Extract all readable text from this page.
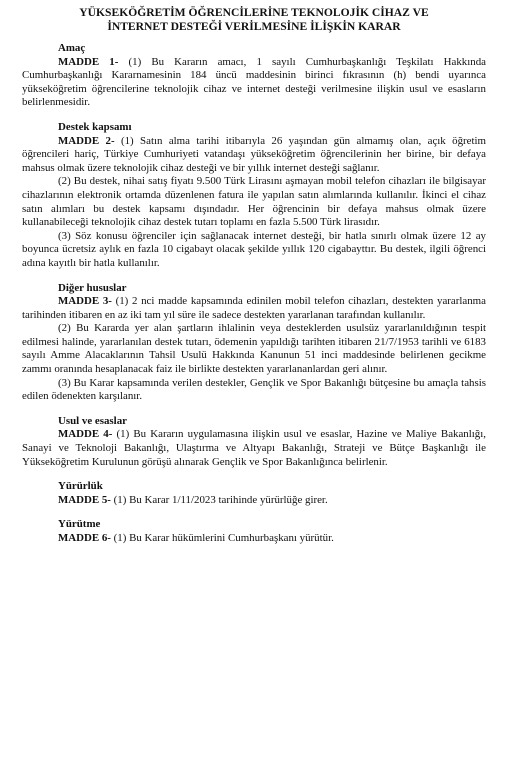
YÜKSEKÖĞRETİM ÖĞRENCİLERİNE TEKNOLOJİK CİHAZ VE
İNTERNET DESTEĞİ VERİLMESİNE İLİŞKİN KARAR
Amaç

MADDE 1- (1) Bu Kararın amacı, 1 sayılı Cumhurbaşkanlığı Teşkilatı Hakkında Cumhurbaşkanlığı Kararnamesinin 184 üncü maddesinin birinci fıkrasının (h) bendi uyarınca yükseköğretim öğrencilerine teknolojik cihaz ve internet desteği verilmesine ilişkin usul ve esasların belirlenmesidir.

Destek kapsamı

MADDE 2- (1) Satın alma tarihi itibarıyla 26 yaşından gün almamış olan, açık öğretim öğrencileri hariç, Türkiye Cumhuriyeti vatandaşı yükseköğretim öğrencilerinin her birine, bir defaya mahsus olmak üzere teknolojik cihaz desteği ve bir yıllık internet desteği sağlanır.

(2) Bu destek, nihai satış fiyatı 9.500 Türk Lirasını aşmayan mobil telefon cihazları ile bilgisayar cihazlarının elektronik ortamda düzenlenen fatura ile yapılan satın alımlarında kullanılır. İkinci el cihaz satın alımları bu destek kapsamı dışındadır. Her öğrencinin bir defaya mahsus olmak üzere kullanabileceği teknolojik cihaz destek tutarı toplamı en fazla 5.500 Türk lirasıdır.

(3) Söz konusu öğrenciler için sağlanacak internet desteği, bir hatla sınırlı olmak üzere 12 ay boyunca ücretsiz aylık en fazla 10 cigabayt olacak şekilde yıllık 120 cigabayttır. Bu destek, ilgili öğrenci adına kayıtlı bir hatla kullanılır.

Diğer hususlar

MADDE 3- (1) 2 nci madde kapsamında edinilen mobil telefon cihazları, destekten yararlanma tarihinden itibaren en az iki tam yıl süre ile sadece destekten yararlanan tarafından kullanılır.

(2) Bu Kararda yer alan şartların ihlalinin veya desteklerden usulsüz yararlanıldığının tespit edilmesi halinde, yararlanılan destek tutarı, ödemenin yapıldığı tarihten itibaren 21/7/1953 tarihli ve 6183 sayılı Amme Alacaklarının Tahsil Usulü Hakkında Kanunun 51 inci maddesinde belirlenen gecikme zammı oranında hesaplanacak faiz ile birlikte destekten yararlananlardan geri alınır.

(3) Bu Karar kapsamında verilen destekler, Gençlik ve Spor Bakanlığı bütçesine bu amaçla tahsis edilen ödenekten karşılanır.

Usul ve esaslar

MADDE 4- (1) Bu Kararın uygulamasına ilişkin usul ve esaslar, Hazine ve Maliye Bakanlığı, Sanayi ve Teknoloji Bakanlığı, Ulaştırma ve Altyapı Bakanlığı, Strateji ve Bütçe Başkanlığı ile Yükseköğretim Kurulunun görüşü alınarak Gençlik ve Spor Bakanlığınca belirlenir.

Yürürlük

MADDE 5- (1) Bu Karar 1/11/2023 tarihinde yürürlüğe girer.

Yürütme

MADDE 6- (1) Bu Karar hükümlerini Cumhurbaşkanı yürütür.
